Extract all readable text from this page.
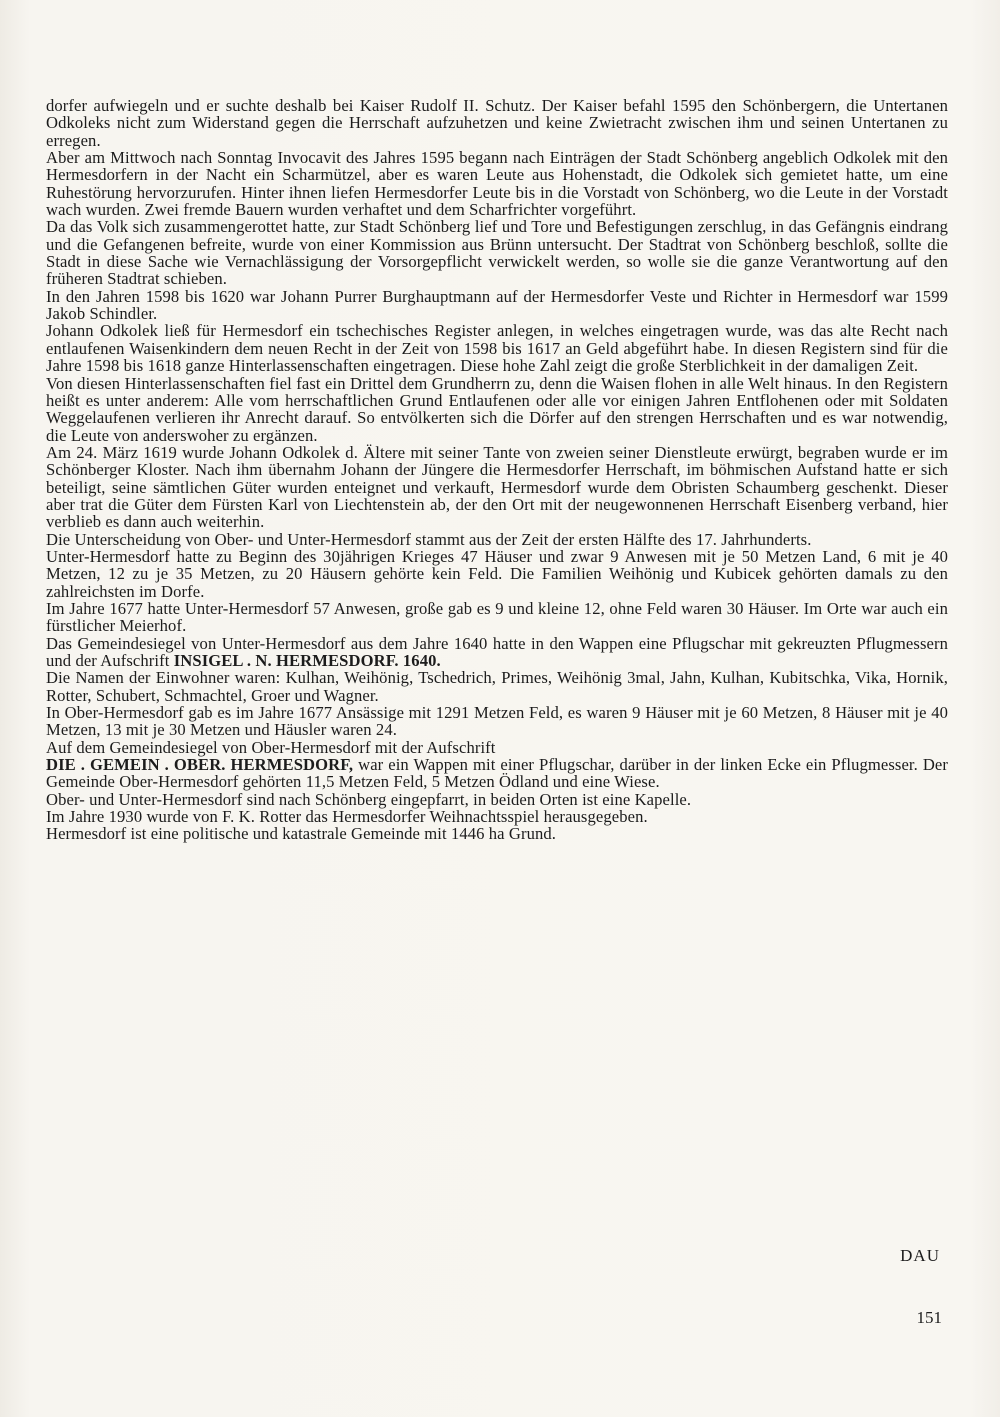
dorfer aufwiegeln und er suchte deshalb bei Kaiser Rudolf II. Schutz. Der Kaiser befahl 1595 den Schönbergern, die Untertanen Odkoleks nicht zum Widerstand gegen die Herrschaft aufzuhetzen und keine Zwietracht zwischen ihm und seinen Untertanen zu erregen.

Aber am Mittwoch nach Sonntag Invocavit des Jahres 1595 begann nach Einträgen der Stadt Schönberg angeblich Odkolek mit den Hermesdorfern in der Nacht ein Scharmützel, aber es waren Leute aus Hohenstadt, die Odkolek sich gemietet hatte, um eine Ruhestörung hervorzurufen. Hinter ihnen liefen Hermesdorfer Leute bis in die Vorstadt von Schönberg, wo die Leute in der Vorstadt wach wurden. Zwei fremde Bauern wurden verhaftet und dem Scharfrichter vorgeführt.

Da das Volk sich zusammengerottet hatte, zur Stadt Schönberg lief und Tore und Befestigungen zerschlug, in das Gefängnis eindrang und die Gefangenen befreite, wurde von einer Kommission aus Brünn untersucht. Der Stadtrat von Schönberg beschloß, sollte die Stadt in diese Sache wie Vernachlässigung der Vorsorgepflicht verwickelt werden, so wolle sie die ganze Verantwortung auf den früheren Stadtrat schieben.

In den Jahren 1598 bis 1620 war Johann Purrer Burghauptmann auf der Hermesdorfer Veste und Richter in Hermesdorf war 1599 Jakob Schindler.

Johann Odkolek ließ für Hermesdorf ein tschechisches Register anlegen, in welches eingetragen wurde, was das alte Recht nach entlaufenen Waisenkindern dem neuen Recht in der Zeit von 1598 bis 1617 an Geld abgeführt habe. In diesen Registern sind für die Jahre 1598 bis 1618 ganze Hinterlassenschaften eingetragen. Diese hohe Zahl zeigt die große Sterblichkeit in der damaligen Zeit.

Von diesen Hinterlassenschaften fiel fast ein Drittel dem Grundherrn zu, denn die Waisen flohen in alle Welt hinaus. In den Registern heißt es unter anderem: Alle vom herrschaftlichen Grund Entlaufenen oder alle vor einigen Jahren Entflohenen oder mit Soldaten Weggelaufenen verlieren ihr Anrecht darauf. So entvölkerten sich die Dörfer auf den strengen Herrschaften und es war notwendig, die Leute von anderswoher zu ergänzen.

Am 24. März 1619 wurde Johann Odkolek d. Ältere mit seiner Tante von zweien seiner Dienstleute erwürgt, begraben wurde er im Schönberger Kloster. Nach ihm übernahm Johann der Jüngere die Hermesdorfer Herrschaft, im böhmischen Aufstand hatte er sich beteiligt, seine sämtlichen Güter wurden enteignet und verkauft, Hermesdorf wurde dem Obristen Schaumberg geschenkt. Dieser aber trat die Güter dem Fürsten Karl von Liechtenstein ab, der den Ort mit der neugewonnenen Herrschaft Eisenberg verband, hier verblieb es dann auch weiterhin.

Die Unterscheidung von Ober- und Unter-Hermesdorf stammt aus der Zeit der ersten Hälfte des 17. Jahrhunderts.

Unter-Hermesdorf hatte zu Beginn des 30jährigen Krieges 47 Häuser und zwar 9 Anwesen mit je 50 Metzen Land, 6 mit je 40 Metzen, 12 zu je 35 Metzen, zu 20 Häusern gehörte kein Feld. Die Familien Weihönig und Kubicek gehörten damals zu den zahlreichsten im Dorfe.

Im Jahre 1677 hatte Unter-Hermesdorf 57 Anwesen, große gab es 9 und kleine 12, ohne Feld waren 30 Häuser. Im Orte war auch ein fürstlicher Meierhof.

Das Gemeindesiegel von Unter-Hermesdorf aus dem Jahre 1640 hatte in den Wappen eine Pflugschar mit gekreuzten Pflugmessern und der Aufschrift INSIGEL . N. HERMESDORF. 1640.

Die Namen der Einwohner waren: Kulhan, Weihönig, Tschedrich, Primes, Weihönig 3mal, Jahn, Kulhan, Kubitschka, Vika, Hornik, Rotter, Schubert, Schmachtel, Groer und Wagner.

In Ober-Hermesdorf gab es im Jahre 1677 Ansässige mit 1291 Metzen Feld, es waren 9 Häuser mit je 60 Metzen, 8 Häuser mit je 40 Metzen, 13 mit je 30 Metzen und Häusler waren 24.

Auf dem Gemeindesiegel von Ober-Hermesdorf mit der Aufschrift

DIE . GEMEIN . OBER. HERMESDORF, war ein Wappen mit einer Pflugschar, darüber in der linken Ecke ein Pflugmesser. Der Gemeinde Ober-Hermesdorf gehörten 11,5 Metzen Feld, 5 Metzen Ödland und eine Wiese.

Ober- und Unter-Hermesdorf sind nach Schönberg eingepfarrt, in beiden Orten ist eine Kapelle.

Im Jahre 1930 wurde von F. K. Rotter das Hermesdorfer Weihnachtsspiel herausgegeben.

Hermesdorf ist eine politische und katastrale Gemeinde mit 1446 ha Grund.

DAU
151
